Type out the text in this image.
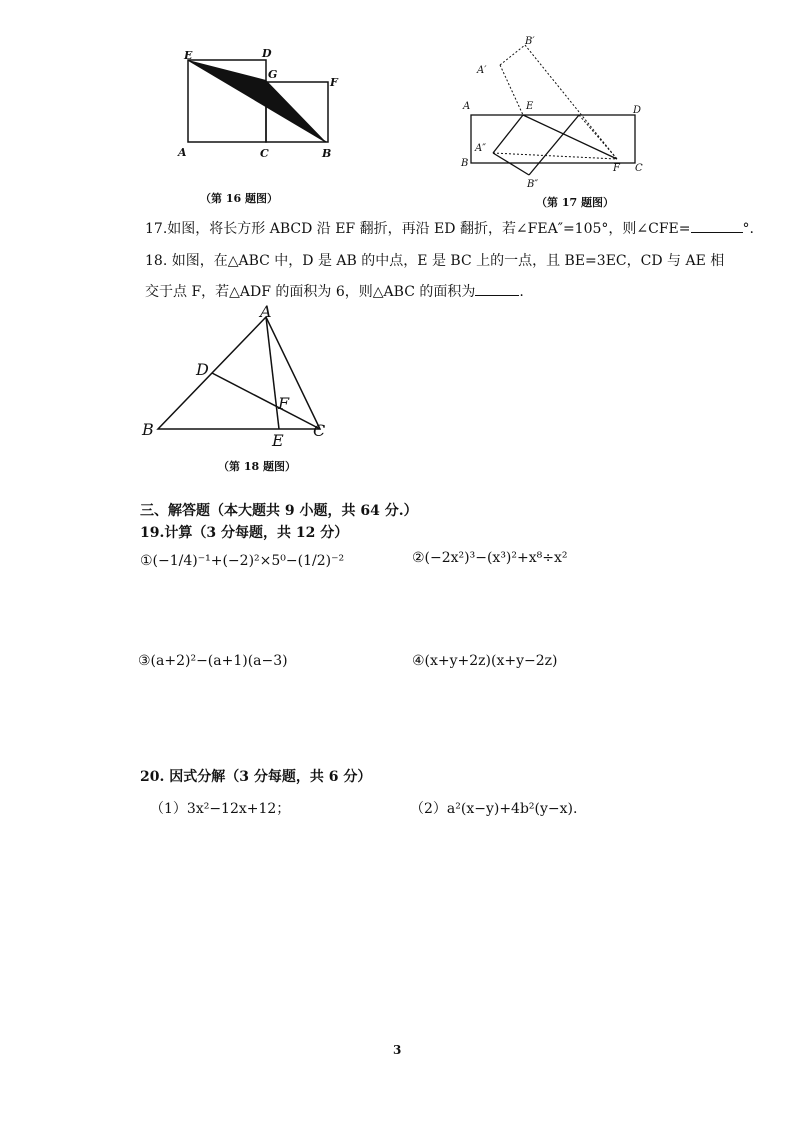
E	D
G
F
A	C	B
（第 16 题图）
B′
A′
A	E	D
A″
B
B″
F C
（第 17 题图）
17.如图，将长方形 ABCD 沿 EF 翻折，再沿 ED 翻折，若∠FEA″=105°，则∠CFE=	°.
18. 如图，在△ABC 中，D 是 AB 的中点，E 是 BC 上的一点，且 BE=3EC，CD 与 AE 相
交于点 F，若△ADF 的面积为 6，则△ABC 的面积为	.
A
D
F
B
E
C
（第 18 题图）
三、解答题（本大题共 9 小题，共 64 分.）
19.计算（3 分每题，共 12 分）
①(−1/4)⁻¹+(−2)²×5⁰−(1/2)⁻²	②(−2x²)³−(x³)²+x⁸÷x²
③(a+2)²−(a+1)(a−3)	④(x+y+2z)(x+y−2z)
20. 因式分解（3 分每题，共 6 分）
（1）3x²−12x+12；	（2）a²(x−y)+4b²(y−x).
3
